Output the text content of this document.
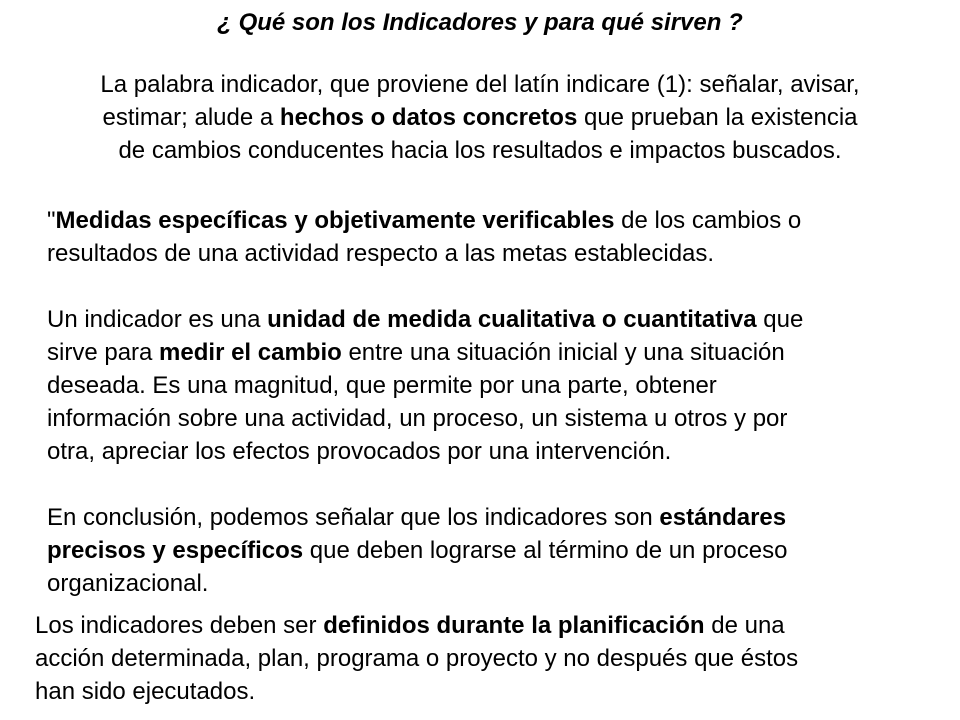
¿ Qué son los Indicadores y para qué sirven ?
La palabra indicador, que proviene del latín indicare (1): señalar, avisar,
estimar; alude a hechos o datos concretos que prueban la existencia
de cambios conducentes hacia los resultados e impactos buscados.
"Medidas específicas y objetivamente verificables de los cambios o
resultados de una actividad respecto a las metas establecidas.
Un indicador es una unidad de medida cualitativa o cuantitativa que
sirve para medir el cambio entre una situación inicial y una situación
deseada. Es una magnitud, que permite por una parte, obtener
información sobre una actividad, un proceso, un sistema u otros y por
otra, apreciar los efectos provocados por una intervención.
En conclusión, podemos señalar que los indicadores son estándares
precisos y específicos que deben lograrse al término de un proceso
organizacional.
Los indicadores deben ser definidos durante la planificación de una
acción determinada, plan, programa o proyecto y no después que éstos
han sido ejecutados.
